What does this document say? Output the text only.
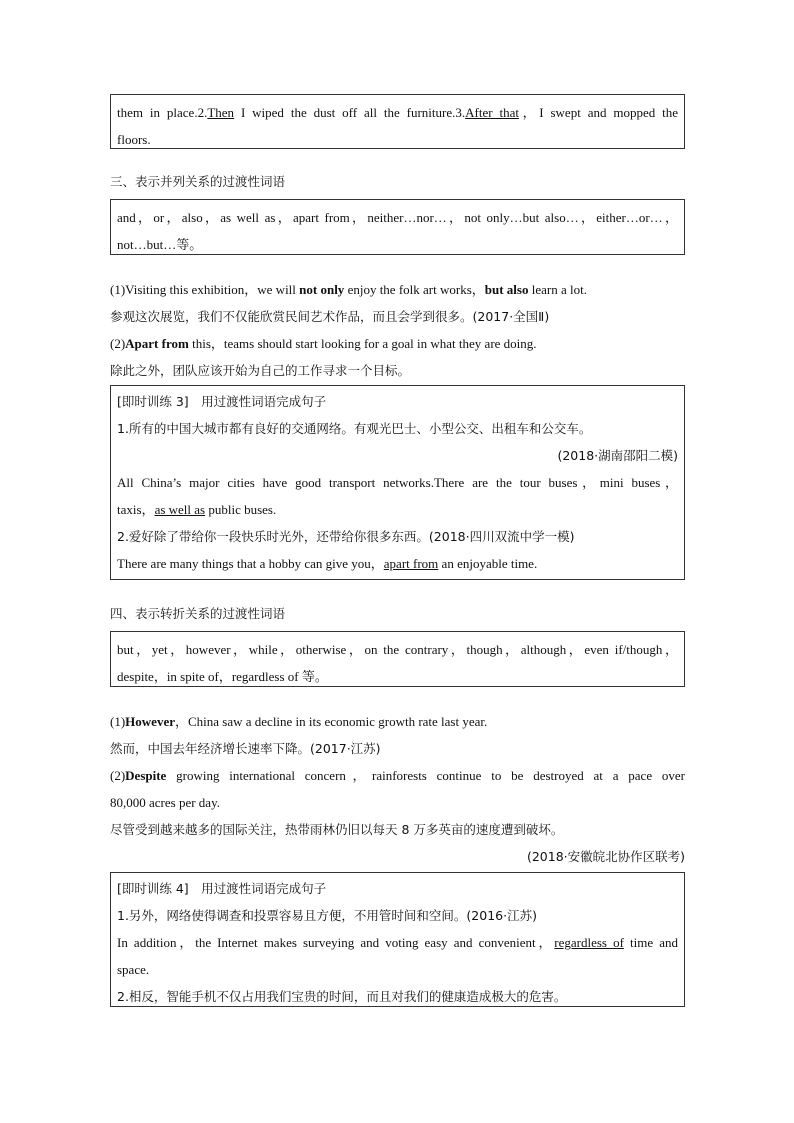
them in place.2.Then I wiped the dust off all the furniture.3.After that，I swept and mopped the
floors.
三、表示并列关系的过渡性词语
and，or，also，as well as，apart from，neither…nor…，not only…but also…，either…or…，
not…but…等。
(1)Visiting this exhibition，we will not only enjoy the folk art works，but also learn a lot.
参观这次展览，我们不仅能欣赏民间艺术作品，而且会学到很多。(2017·全国Ⅱ)
(2)Apart from this，teams should start looking for a goal in what they are doing.
除此之外，团队应该开始为自己的工作寻求一个目标。
[即时训练 3]　用过渡性词语完成句子
1.所有的中国大城市都有良好的交通网络。有观光巴士、小型公交、出租车和公交车。
(2018·湖南邵阳二模)
All China’s major cities have good transport networks.There are the tour buses，mini buses，
taxis，as well as public buses.
2.爱好除了带给你一段快乐时光外，还带给你很多东西。(2018·四川双流中学一模)
There are many things that a hobby can give you，apart from an enjoyable time.
四、表示转折关系的过渡性词语
but，yet，however，while，otherwise，on the contrary，though，although，even if/though，
despite，in spite of，regardless of 等。
(1)However，China saw a decline in its economic growth rate last year.
然而，中国去年经济增长速率下降。(2017·江苏)
(2)Despite growing international concern，rainforests continue to be destroyed at a pace over
80,000 acres per day.
尽管受到越来越多的国际关注，热带雨林仍旧以每天 8 万多英亩的速度遭到破坏。
(2018·安徽皖北协作区联考)
[即时训练 4]　用过渡性词语完成句子
1.另外，网络使得调查和投票容易且方便，不用管时间和空间。(2016·江苏)
In addition，the Internet makes surveying and voting easy and convenient，regardless of time and
space.
2.相反，智能手机不仅占用我们宝贵的时间，而且对我们的健康造成极大的危害。
